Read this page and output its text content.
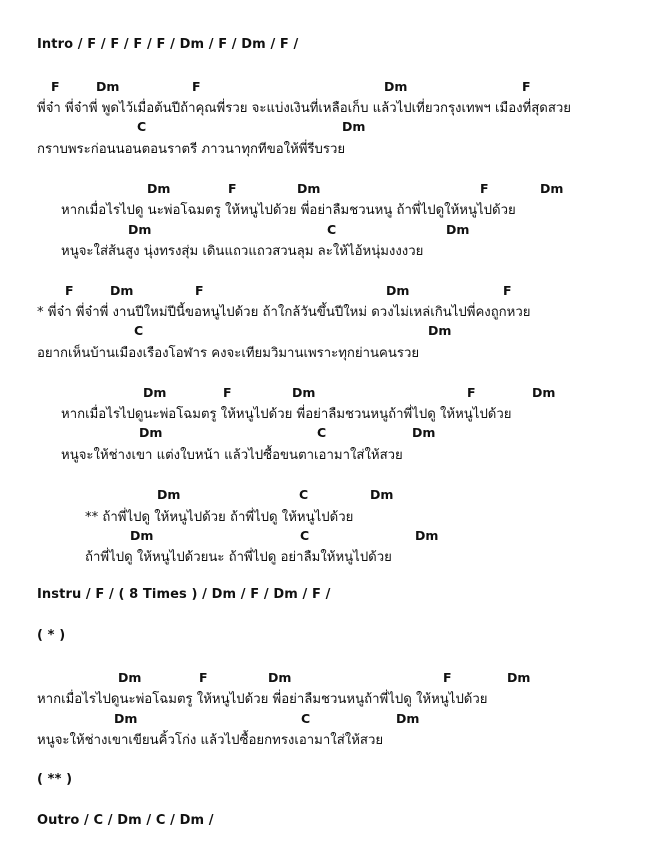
Intro / F / F / F / F / Dm / F / Dm / F /
F	Dm	F	Dm	F
พี่จ๋า พี่จ๋าพี่ พูดไว้เมื่อต้นปีถ้าคุณพี่รวย จะแบ่งเงินที่เหลือเก็บ แล้วไปเที่ยวกรุงเทพฯ เมืองที่สุดสวย
C	Dm
กราบพระก่อนนอนตอนราตรี ภาวนาทุกทีขอให้พี่รีบรวย
Dm	F	Dm	F	Dm
หากเมื่อไรไปดู นะพ่อโฉมตรู ให้หนูไปด้วย พี่อย่าลืมชวนหนู ถ้าพี่ไปดูให้หนูไปด้วย
Dm	C	Dm
หนูจะใส่ส้นสูง นุ่งทรงสุ่ม เดินแถวแถวสวนลุม ละให้ไอ้หนุ่มงงงวย
F	Dm	F	Dm	F
* พี่จ๋า พี่จ๋าพี่ งานปีใหม่ปีนี้ขอหนูไปด้วย ถ้าใกล้วันขึ้นปีใหม่ ดวงไม่เหล่เกินไปพี่คงถูกหวย
C	Dm
อยากเห็นบ้านเมืองเรืองโอฬาร คงจะเทียมวิมานเพราะทุกย่านคนรวย
Dm	F	Dm	F	Dm
หากเมื่อไรไปดูนะพ่อโฉมตรู ให้หนูไปด้วย พี่อย่าลืมชวนหนูถ้าพี่ไปดู ให้หนูไปด้วย
Dm	C	Dm
หนูจะให้ช่างเขา แต่งใบหน้า แล้วไปซื้อขนตาเอามาใส่ให้สวย
Dm	C	Dm
** ถ้าพี่ไปดู ให้หนูไปด้วย ถ้าพี่ไปดู ให้หนูไปด้วย
Dm	C	Dm
ถ้าพี่ไปดู ให้หนูไปด้วยนะ ถ้าพี่ไปดู อย่าลืมให้หนูไปด้วย
Instru / F / ( 8 Times ) / Dm / F / Dm / F /
( * )
Dm	F	Dm	F	Dm
หากเมื่อไรไปดูนะพ่อโฉมตรู ให้หนูไปด้วย พี่อย่าลืมชวนหนูถ้าพี่ไปดู ให้หนูไปด้วย
Dm	C	Dm
หนูจะให้ช่างเขาเขียนคิ้วโก่ง แล้วไปซื้อยกทรงเอามาใส่ให้สวย
( ** )
Outro / C / Dm / C / Dm /
